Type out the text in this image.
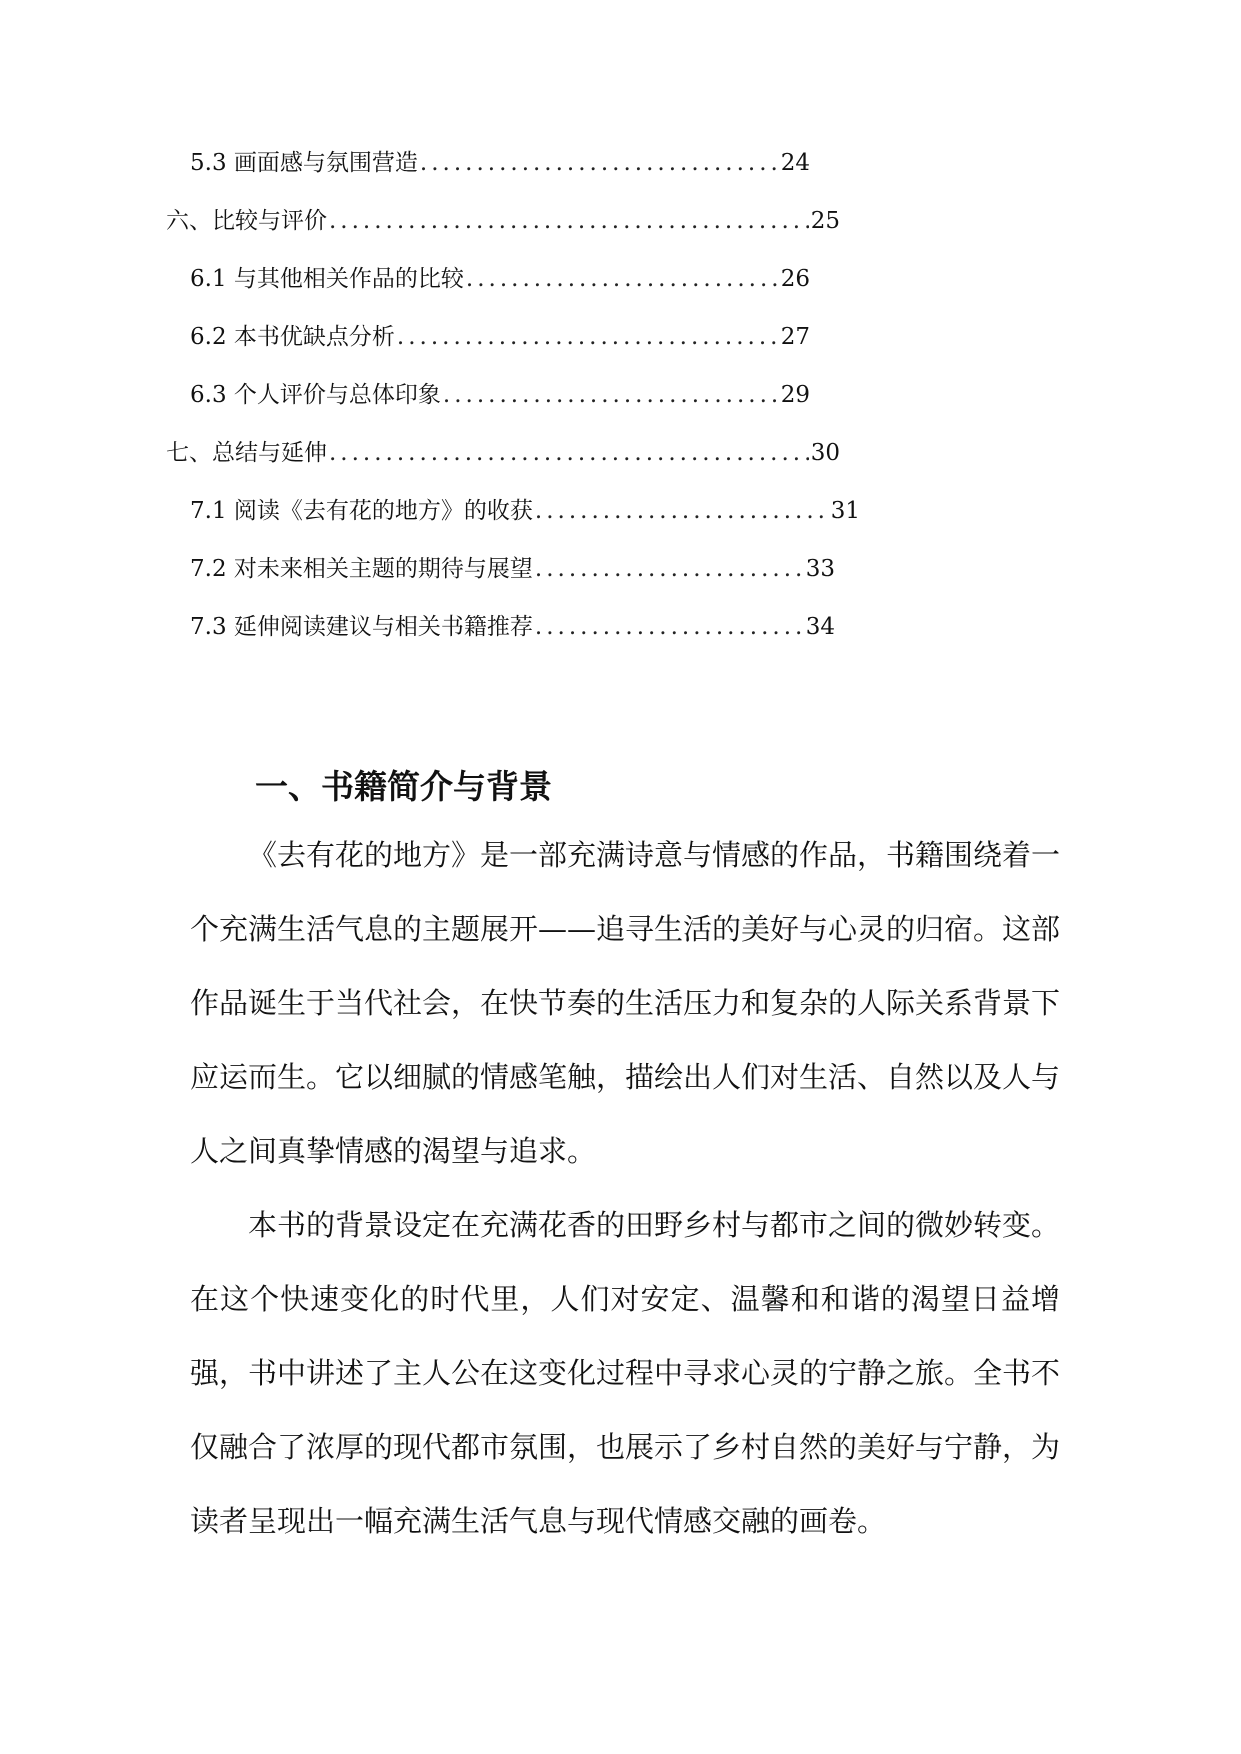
5.3 画面感与氛围营造 .....	24
六、比较与评价 .....	25
6.1 与其他相关作品的比较 .....	26
6.2 本书优缺点分析 .....	27
6.3 个人评价与总体印象 .....	29
七、总结与延伸 .....	30
7.1 阅读《去有花的地方》的收获 .....	31
7.2 对未来相关主题的期待与展望 .....	33
7.3 延伸阅读建议与相关书籍推荐 .....	34
一、书籍简介与背景

《去有花的地方》是一部充满诗意与情感的作品，书籍围绕着一个充满生活气息的主题展开——追寻生活的美好与心灵的归宿。这部作品诞生于当代社会，在快节奏的生活压力和复杂的人际关系背景下应运而生。它以细腻的情感笔触，描绘出人们对生活、自然以及人与人之间真挚情感的渴望与追求。

本书的背景设定在充满花香的田野乡村与都市之间的微妙转变。在这个快速变化的时代里，人们对安定、温馨和和谐的渴望日益增强，书中讲述了主人公在这变化过程中寻求心灵的宁静之旅。全书不仅融合了浓厚的现代都市氛围，也展示了乡村自然的美好与宁静，为读者呈现出一幅充满生活气息与现代情感交融的画卷。
